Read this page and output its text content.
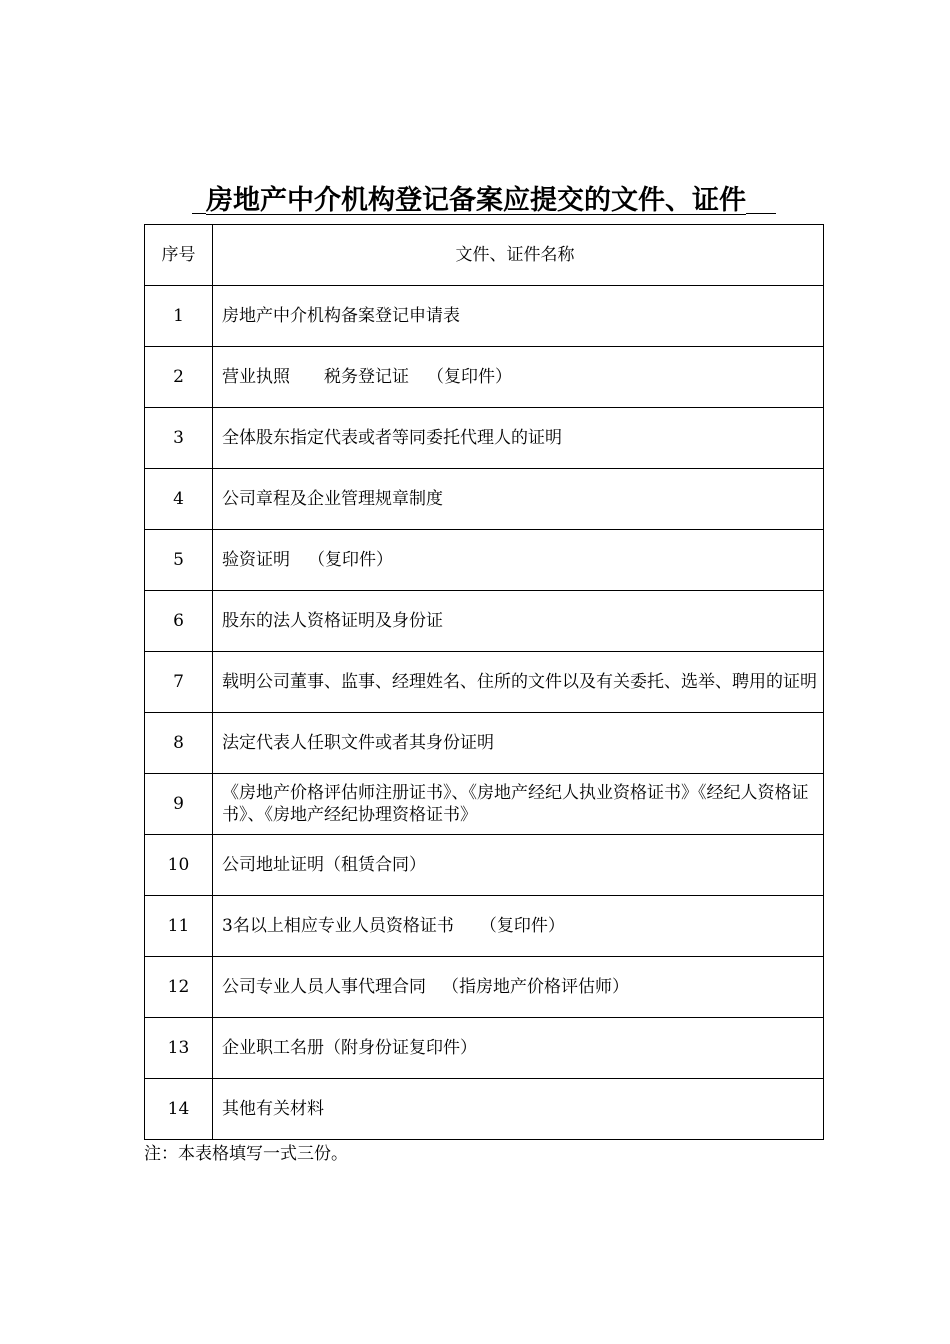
房地产中介机构登记备案应提交的文件、证件
序号	文件、证件名称
1	房地产中介机构备案登记申请表
2	营业执照 税务登记证 （复印件）
3	全体股东指定代表或者等同委托代理人的证明
4	公司章程及企业管理规章制度
5	验资证明 （复印件）
6	股东的法人资格证明及身份证
7	载明公司董事、监事、经理姓名、住所的文件以及有关委托、选举、聘用的证明
8	法定代表人任职文件或者其身份证明
9	《房地产价格评估师注册证书》、《房地产经纪人执业资格证书》《经纪人资格证书》、《房地产经纪协理资格证书》
10	公司地址证明（租赁合同）
11	3名以上相应专业人员资格证书 （复印件）
12	公司专业人员人事代理合同 （指房地产价格评估师）
13	企业职工名册（附身份证复印件）
14	其他有关材料
注：本表格填写一式三份。
